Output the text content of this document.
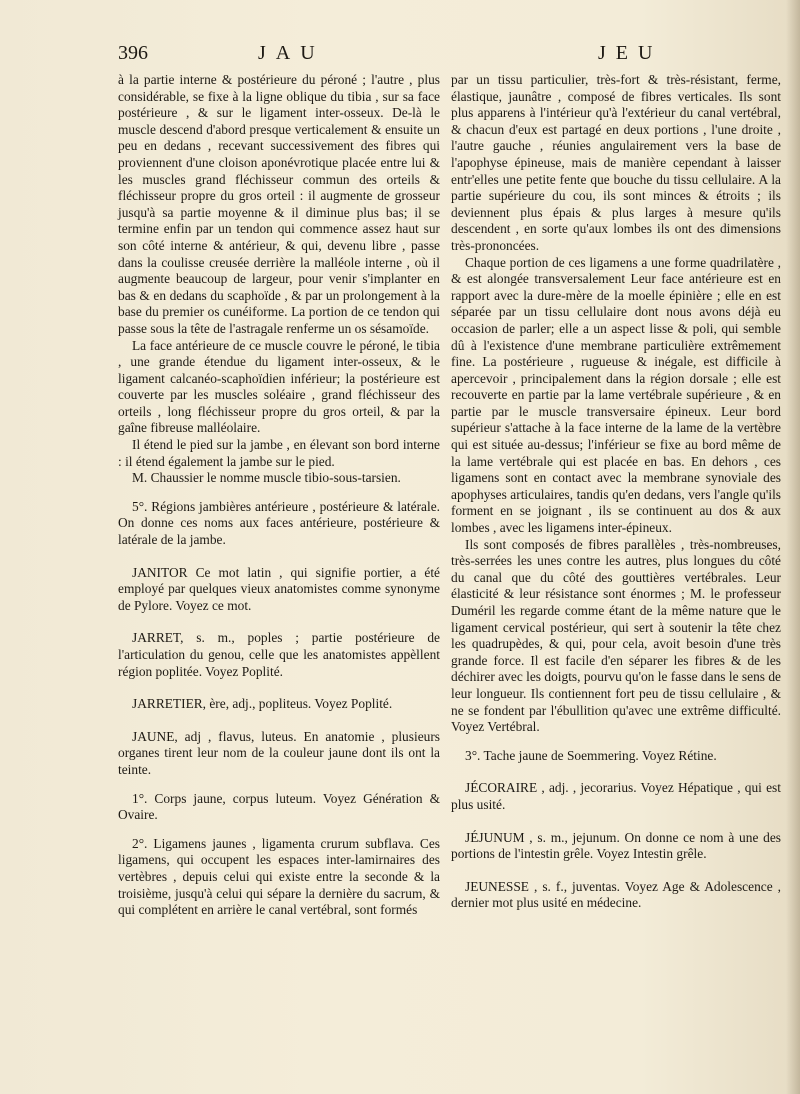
396	JAU	JEU

à la partie interne & postérieure du péroné ; l'autre , plus considérable, se fixe à la ligne oblique du tibia , sur sa face postérieure , & sur le ligament inter-osseux. De-là le muscle descend d'abord presque verticalement & ensuite un peu en dedans , recevant successivement des fibres qui proviennent d'une cloison aponévrotique placée entre lui & les muscles grand fléchisseur commun des orteils & fléchisseur propre du gros orteil : il augmente de grosseur jusqu'à sa partie moyenne & il diminue plus bas; il se termine enfin par un tendon qui commence assez haut sur son côté interne & antérieur, & qui, devenu libre , passe dans la coulisse creusée derrière la malléole interne , où il augmente beaucoup de largeur, pour venir s'implanter en bas & en dedans du scaphoïde , & par un prolongement à la base du premier os cunéiforme. La portion de ce tendon qui passe sous la tête de l'astragale renferme un os sésamoïde.

La face antérieure de ce muscle couvre le péroné, le tibia , une grande étendue du ligament inter-osseux, & le ligament calcanéo-scaphoïdien inférieur; la postérieure est couverte par les muscles soléaire , grand fléchisseur des orteils , long fléchisseur propre du gros orteil, & par la gaîne fibreuse malléolaire.

Il étend le pied sur la jambe , en élevant son bord interne : il étend également la jambe sur le pied.

M. Chaussier le nomme muscle tibio-sous-tarsien.

5°. Régions jambières antérieure , postérieure & latérale. On donne ces noms aux faces antérieure, postérieure & latérale de la jambe.

JANITOR Ce mot latin , qui signifie portier, a été employé par quelques vieux anatomistes comme synonyme de Pylore. Voyez ce mot.

JARRET, s. m., poples ; partie postérieure de l'articulation du genou, celle que les anatomistes appèllent région poplitée. Voyez Poplité.

JARRETIER, ère, adj., popliteus. Voyez Poplité.

JAUNE, adj , flavus, luteus. En anatomie , plusieurs organes tirent leur nom de la couleur jaune dont ils ont la teinte.

1°. Corps jaune, corpus luteum. Voyez Génération & Ovaire.

2°. Ligamens jaunes , ligamenta crurum subflava. Ces ligamens, qui occupent les espaces inter-lamirnaires des vertèbres , depuis celui qui existe entre la seconde & la troisième, jusqu'à celui qui sépare la dernière du sacrum, & qui complétent en arrière le canal vertébral, sont formés

par un tissu particulier, très-fort & très-résistant, ferme, élastique, jaunâtre , composé de fibres verticales. Ils sont plus apparens à l'intérieur qu'à l'extérieur du canal vertébral, & chacun d'eux est partagé en deux portions , l'une droite , l'autre gauche , réunies angulairement vers la base de l'apophyse épineuse, mais de manière cependant à laisser entr'elles une petite fente que bouche du tissu cellulaire. A la partie supérieure du cou, ils sont minces & étroits ; ils deviennent plus épais & plus larges à mesure qu'ils descendent , en sorte qu'aux lombes ils ont des dimensions très-prononcées.

Chaque portion de ces ligamens a une forme quadrilatère , & est alongée transversalement Leur face antérieure est en rapport avec la dure-mère de la moelle épinière ; elle en est séparée par un tissu cellulaire dont nous avons déjà eu occasion de parler; elle a un aspect lisse & poli, qui semble dû à l'existence d'une membrane particulière extrêmement fine. La postérieure , rugueuse & inégale, est difficile à apercevoir , principalement dans la région dorsale ; elle est recouverte en partie par la lame vertébrale supérieure , & en partie par le muscle transversaire épineux. Leur bord supérieur s'attache à la face interne de la lame de la vertèbre qui est située au-dessus; l'inférieur se fixe au bord même de la lame vertébrale qui est placée en bas. En dehors , ces ligamens sont en contact avec la membrane synoviale des apophyses articulaires, tandis qu'en dedans, vers l'angle qu'ils forment en se joignant , ils se continuent au dos & aux lombes , avec les ligamens inter-épineux.

Ils sont composés de fibres parallèles , très-nombreuses, très-serrées les unes contre les autres, plus longues du côté du canal que du côté des gouttières vertébrales. Leur élasticité & leur résistance sont énormes ; M. le professeur Duméril les regarde comme étant de la même nature que le ligament cervical postérieur, qui sert à soutenir la tête chez les quadrupèdes, & qui, pour cela, avoit besoin d'une très grande force. Il est facile d'en séparer les fibres & de les déchirer avec les doigts, pourvu qu'on le fasse dans le sens de leur longueur. Ils contiennent fort peu de tissu cellulaire , & ne se fondent par l'ébullition qu'avec une extrême difficulté. Voyez Vertébral.

3°. Tache jaune de Soemmering. Voyez Rétine.

JÉCORAIRE , adj. , jecorarius. Voyez Hépatique , qui est plus usité.

JÉJUNUM , s. m., jejunum. On donne ce nom à une des portions de l'intestin grêle. Voyez Intestin grêle.

JEUNESSE , s. f., juventas. Voyez Age & Adolescence , dernier mot plus usité en médecine.
